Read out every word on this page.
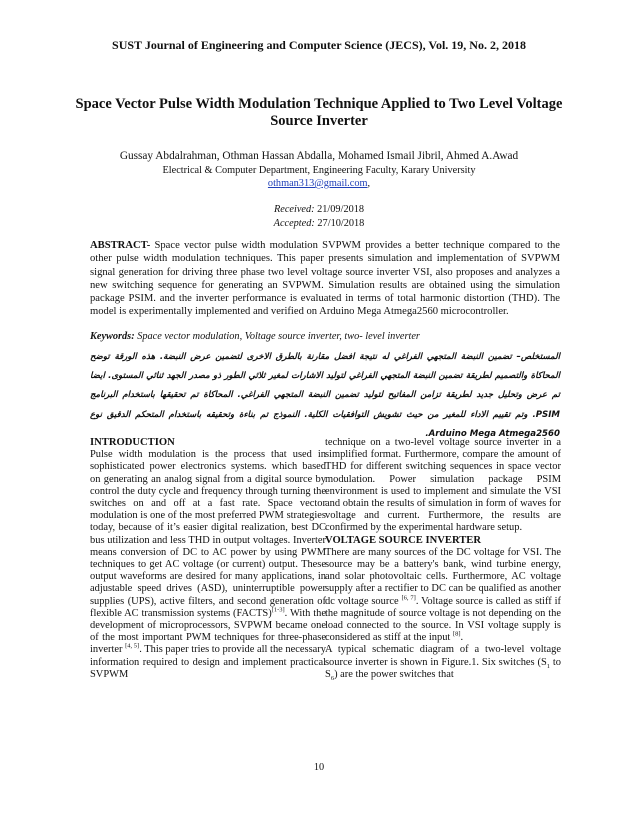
SUST Journal of Engineering and Computer Science (JECS), Vol. 19, No. 2, 2018
Space Vector Pulse Width Modulation Technique Applied to Two Level Voltage Source Inverter
Gussay Abdalrahman, Othman Hassan Abdalla, Mohamed Ismail Jibril, Ahmed A.Awad
Electrical & Computer Department, Engineering Faculty, Karary University
othman313@gmail.com,
Received: 21/09/2018
Accepted: 27/10/2018
ABSTRACT- Space vector pulse width modulation SVPWM provides a better technique compared to the other pulse width modulation techniques. This paper presents simulation and implementation of SVPWM signal generation for driving three phase two level voltage source inverter VSI, also proposes and analyzes a new switching sequence for generating an SVPWM. Simulation results are obtained using the simulation package PSIM. and the inverter performance is evaluated in terms of total harmonic distortion (THD). The model is experimentally implemented and verified on Arduino Mega Atmega2560 microcontroller.
Keywords: Space vector modulation, Voltage source inverter, two- level inverter
المستخلص– تضمين النبضة المتجهي الفراغي له نتيجة افضل مقارنة بالطرق الاخرى لتضمين عرض النبضة. هذه الورقة توضح المحاكاة والتصميم لطريقة تضمين النبضة المتجهي الفراغي لتوليد الاشارات لمغير ثلاثي الطور ذو مصدر الجهد ثنائي المستوى. ايضا تم عرض وتحليل جديد لطريقة تزامن المفاتيح لتوليد تضمين النبضة المتجهي الفراغي. المحاكاة تم تحقيقها باستخدام البرنامج PSIM. وتم تقييم الاداء للمغير من حيث تشويش التوافقيات الكلية. النموذج تم بناءة وتحقيقه باستخدام المتحكم الدقيق نوع Arduino Mega Atmega2560.

INTRODUCTION

Pulse width modulation is the process that used in sophisticated power electronics systems. which based on generating an analog signal from a digital source by control the duty cycle and frequency through turning the switches on and off at a fast rate. Space vector modulation is one of the most preferred PWM strategies today, because of it’s easier digital realization, best DC bus utilization and less THD in output voltages. Inverter means conversion of DC to AC power by using PWM techniques to get AC voltage (or current) output. These output waveforms are desired for many applications, in adjustable speed drives (ASD), uninterruptible power supplies (UPS), active filters, and second generation of flexible AC transmission systems (FACTS)[1-3]. With the development of microprocessors, SVPWM became one of the most important PWM techniques for three-phase inverter [4, 5]. This paper tries to provide all the necessary information required to design and implement practical SVPWM

technique on a two-level voltage source inverter in a simplified format. Furthermore, compare the amount of THD for different switching sequences in space vector modulation. Power simulation package PSIM environment is used to implement and simulate the VSI and obtain the results of simulation in form of waves for voltage and current. Furthermore, the results are confirmed by the experimental hardware setup.

VOLTAGE SOURCE INVERTER

There are many sources of the DC voltage for VSI. The source may be a battery's bank, wind turbine energy, and solar photovoltaic cells. Furthermore, AC voltage supply after a rectifier to DC can be qualified as another dc voltage source [6, 7]. Voltage source is called as stiff if the magnitude of source voltage is not depending on the load connected to the source. In VSI voltage supply is considered as stiff at the input [8].

A typical schematic diagram of a two-level voltage source inverter is shown in Figure.1. Six switches ($S_1$ to $S_6$) are the power switches that

10
